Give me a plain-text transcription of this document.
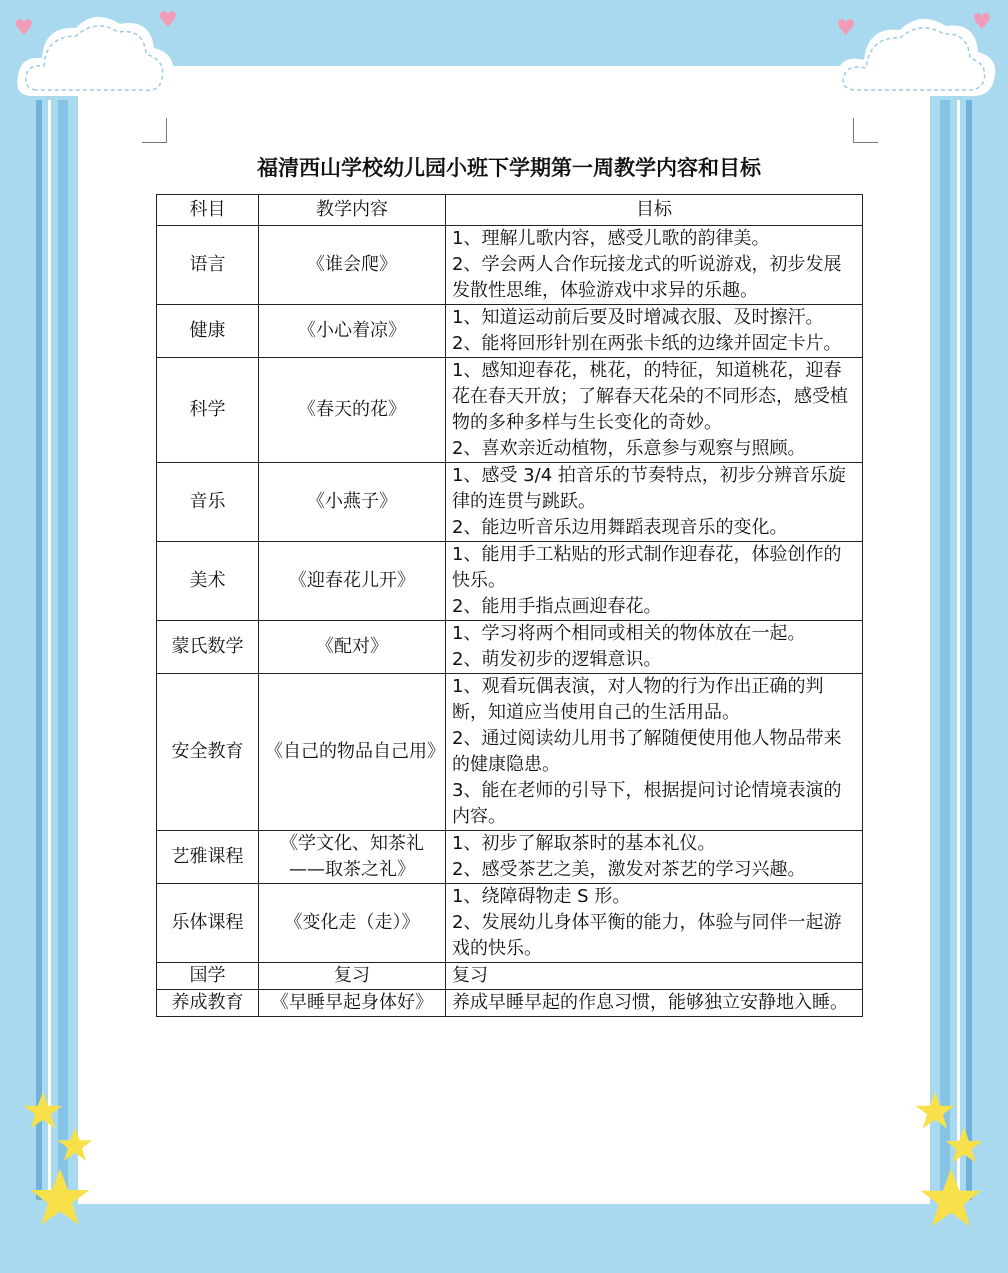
♥	♥	♥	♥
福清西山学校幼儿园小班下学期第一周教学内容和目标
科目	教学内容	目标
语言	《谁会爬》	1、理解儿歌内容，感受儿歌的韵律美。
2、学会两人合作玩接龙式的听说游戏，初步发展发散性思维，体验游戏中求异的乐趣。

健康	《小心着凉》	1、知道运动前后要及时增减衣服、及时擦汗。
2、能将回形针别在两张卡纸的边缘并固定卡片。

科学	《春天的花》	1、感知迎春花，桃花，的特征，知道桃花，迎春花在春天开放；了解春天花朵的不同形态，感受植物的多种多样与生长变化的奇妙。
2、喜欢亲近动植物，乐意参与观察与照顾。

音乐	《小燕子》	1、感受 3/4 拍音乐的节奏特点，初步分辨音乐旋律的连贯与跳跃。
2、能边听音乐边用舞蹈表现音乐的变化。

美术	《迎春花儿开》	1、能用手工粘贴的形式制作迎春花，体验创作的快乐。
2、能用手指点画迎春花。

蒙氏数学	《配对》	1、学习将两个相同或相关的物体放在一起。
2、萌发初步的逻辑意识。

安全教育	《自己的物品自己用》	1、观看玩偶表演，对人物的行为作出正确的判断，知道应当使用自己的生活用品。
2、通过阅读幼儿用书了解随便使用他人物品带来的健康隐患。
3、能在老师的引导下，根据提问讨论情境表演的内容。

艺雅课程	《学文化、知茶礼——取茶之礼》	1、初步了解取茶时的基本礼仪。
2、感受茶艺之美，激发对茶艺的学习兴趣。

乐体课程	《变化走（走）》	1、绕障碍物走 S 形。
2、发展幼儿身体平衡的能力，体验与同伴一起游戏的快乐。

国学	复习	复习

养成教育	《早睡早起身体好》	养成早睡早起的作息习惯，能够独立安静地入睡。
